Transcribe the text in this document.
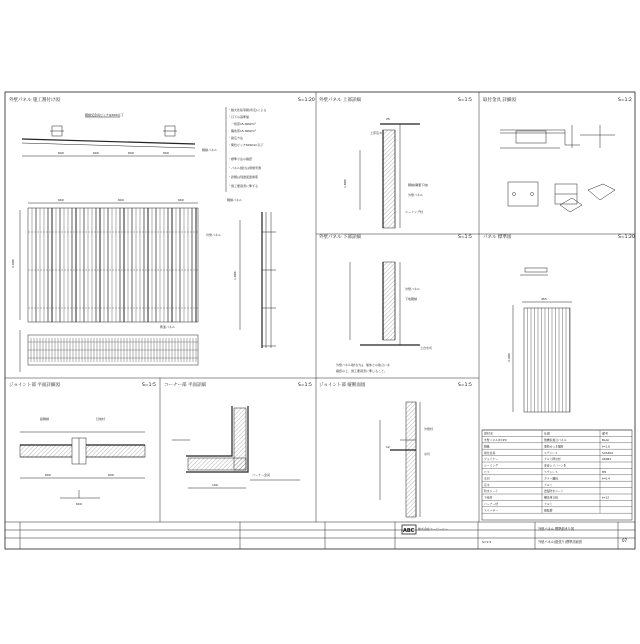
外壁パネル 施工割付け図	S=1:20
600	600	600	600
胴縁受金具ピッチ@600以下
胴縁パネル
・耐火性能等級(所定)による
・以下の基準値
　一般部15.0kN/m²
　隅角部15.0kN/m²
・固定方法
・間柱ピッチ600mm以下
・標準寸法の確認
・パネル割付は現場実測
・詳細は別途図面参照
・施工要領書に準ずる
600	600	600
3,000
外壁パネル
断面パネル
胴縁パネル
1,800
外壁パネル 上部詳細	S=1:5
上部笠木
胴縁(鋼製下地)
外壁パネル
シーリング材
1,800
25
取付金具 詳細図	S=1:2
外壁パネル 下部詳細	S=1:5
外壁パネル
下地胴縁
土台水切
外壁パネル取付けは、躯体との取合いを
確認の上、施工要領書に準じること。
パネル 標準図	S=1:20
455
3,000
ジョイント部 平面詳細図	S=1:5
600	600
縦胴縁	目地材
600
コーナー部 平面詳細	S=1:5
コーナー金具
100
ジョイント部 縦断面図	S=1:5
外壁材
水切
12
部材名	仕様	備考
外壁パネル(t=25)	無機系複合パネル	BLAC
胴縁	亜鉛めっき鋼材	t=1.6
取付金具	ステンレス	SUS304
ジョイナー	アルミ押出材	A6063
シーリング	変成シリコーン系
ビス	ステンレス	M5
水切	カラー鋼板	t=0.4
笠木	アルミ
防水シート	透湿防水シート
下地材	構造用合板	t=12
コーナー材	アルミ
スペーサー	樹脂製
ABC 株式会社エービーシー	外壁パネル 標準納まり図
外壁パネル(縦張り)標準詳細図
S=1:5	07
